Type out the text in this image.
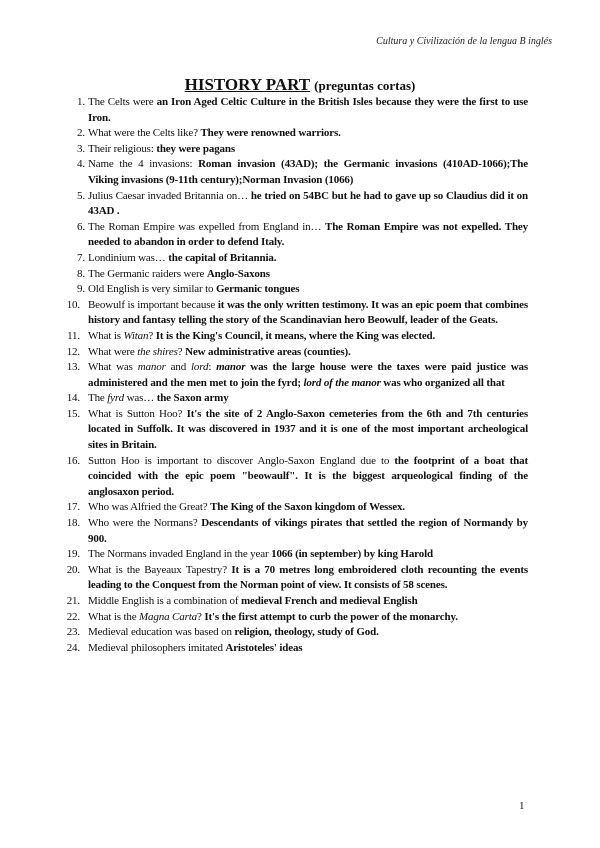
Cultura y Civilización de la lengua B inglés
HISTORY PART (preguntas cortas)
The Celts were an Iron Aged Celtic Culture in the British Isles because they were the first to use Iron.
What were the Celts like? They were renowned warriors.
Their religious: they were pagans
Name the 4 invasions: Roman invasion (43AD); the Germanic invasions (410AD-1066);The Viking invasions (9-11th century);Norman Invasion (1066)
Julius Caesar invaded Britannia on… he tried on 54BC but he had to gave up so Claudius did it on 43AD .
The Roman Empire was expelled from England in… The Roman Empire was not expelled. They needed to abandon in order to defend Italy.
Londinium was… the capital of Britannia.
The Germanic raiders were Anglo-Saxons
Old English is very similar to Germanic tongues
Beowulf is important because it was the only written testimony. It was an epic poem that combines history and fantasy telling the story of the Scandinavian hero Beowulf, leader of the Geats.
What is Witan? It is the King's Council, it means, where the King was elected.
What were the shires? New administrative areas (counties).
What was manor and lord: manor was the large house were the taxes were paid justice was administered and the men met to join the fyrd; lord of the manor was who organized all that
The fyrd was… the Saxon army
What is Sutton Hoo? It's the site of 2 Anglo-Saxon cemeteries from the 6th and 7th centuries located in Suffolk. It was discovered in 1937 and it is one of the most important archeological sites in Britain.
Sutton Hoo is important to discover Anglo-Saxon England due to the footprint of a boat that coincided with the epic poem "beowaulf". It is the biggest arqueological finding of the anglosaxon period.
Who was Alfried the Great? The King of the Saxon kingdom of Wessex.
Who were the Normans? Descendants of vikings pirates that settled the region of Normandy by 900.
The Normans invaded England in the year 1066 (in september) by king Harold
What is the Bayeaux Tapestry? It is a 70 metres long embroidered cloth recounting the events leading to the Conquest from the Norman point of view. It consists of 58 scenes.
Middle English is a combination of medieval French and medieval English
What is the Magna Carta? It's the first attempt to curb the power of the monarchy.
Medieval education was based on religion, theology, study of God.
Medieval philosophers imitated Aristoteles' ideas
1
